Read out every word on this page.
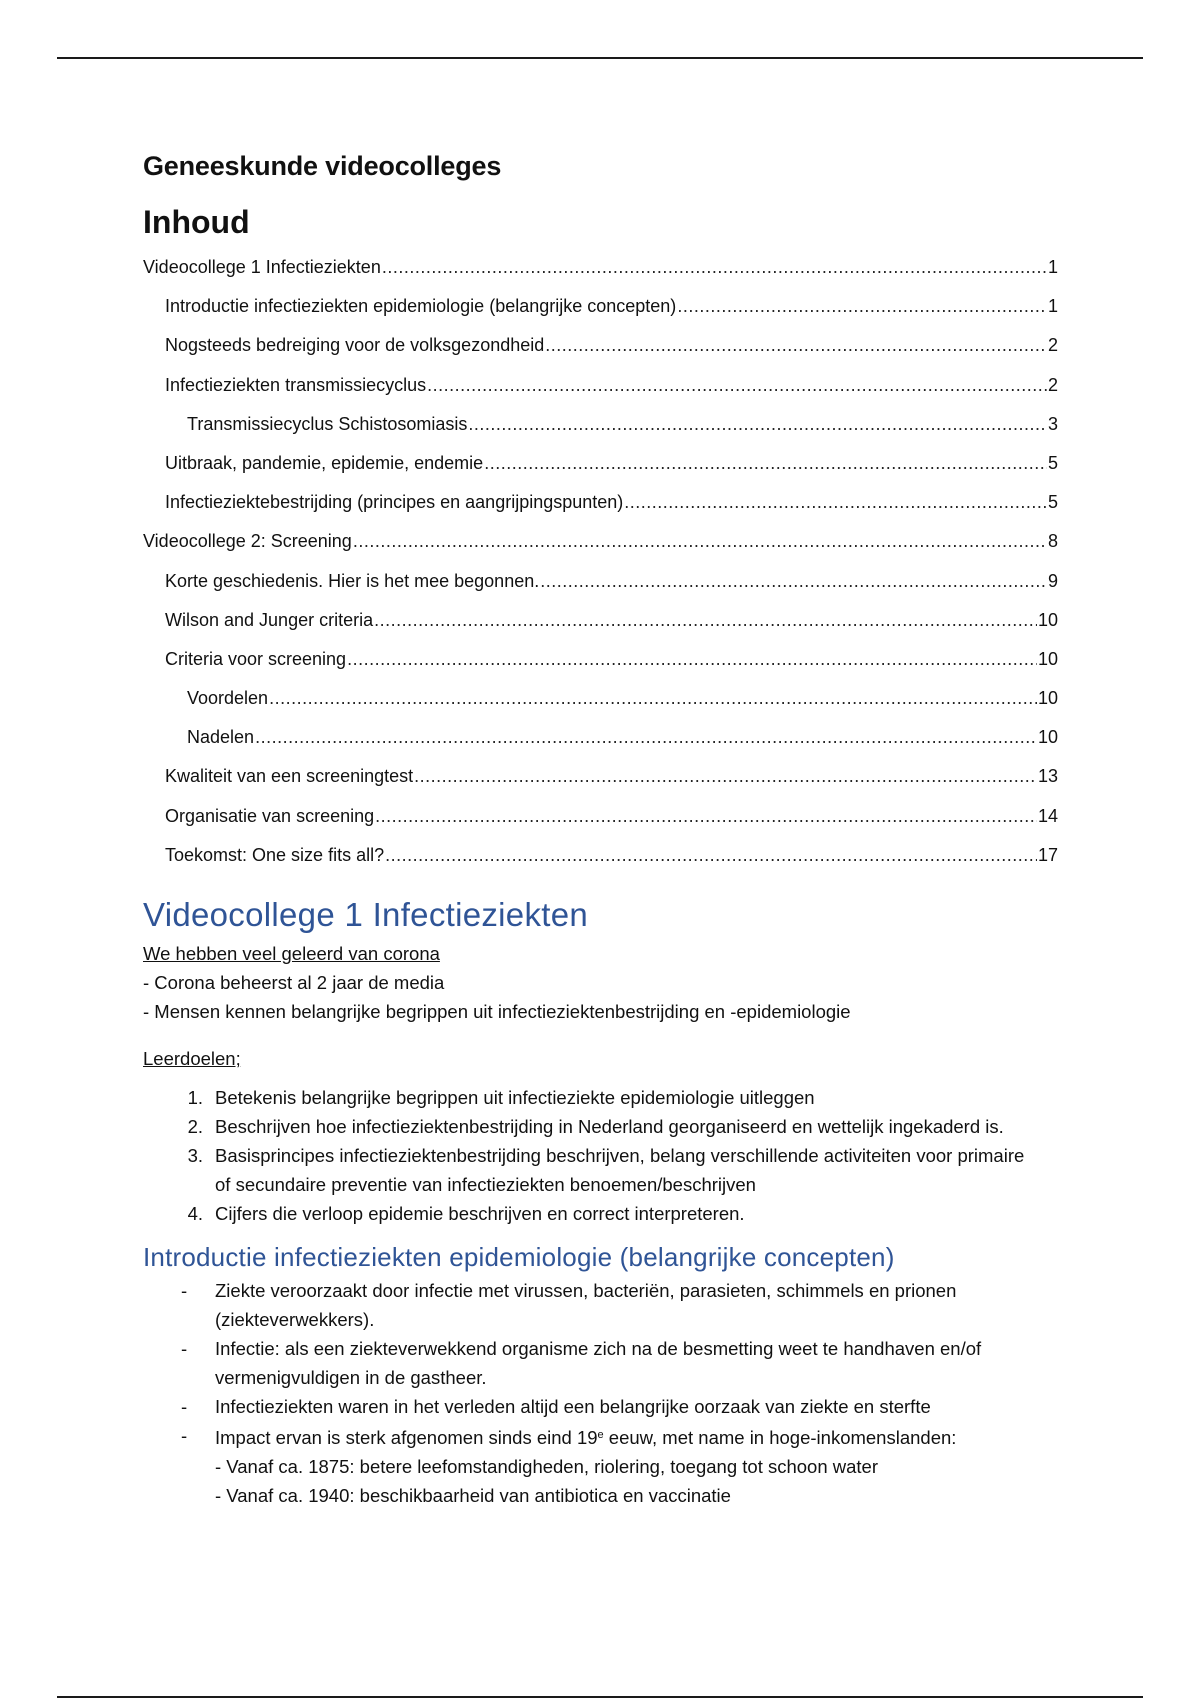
Geneeskunde videocolleges
Inhoud
Videocollege 1 Infectieziekten .....	1
Introductie infectieziekten epidemiologie (belangrijke concepten) .....	1
Nogsteeds bedreiging voor de volksgezondheid .....	2
Infectieziekten transmissiecyclus .....	2
Transmissiecyclus Schistosomiasis .....	3
Uitbraak, pandemie, epidemie, endemie .....	5
Infectieziektebestrijding (principes en aangrijpingspunten) .....	5
Videocollege 2: Screening .....	8
Korte geschiedenis. Hier is het mee begonnen. .....	9
Wilson and Junger criteria .....	10
Criteria voor screening .....	10
Voordelen .....	10
Nadelen .....	10
Kwaliteit van een screeningtest .....	13
Organisatie van screening .....	14
Toekomst: One size fits all? .....	17
Videocollege 1 Infectieziekten

We hebben veel geleerd van corona

- Corona beheerst al 2 jaar de media

- Mensen kennen belangrijke begrippen uit infectieziektenbestrijding en -epidemiologie

Leerdoelen;

1. Betekenis belangrijke begrippen uit infectieziekte epidemiologie uitleggen
2. Beschrijven hoe infectieziektenbestrijding in Nederland georganiseerd en wettelijk ingekaderd is.
3. Basisprincipes infectieziektenbestrijding beschrijven, belang verschillende activiteiten voor primaire of secundaire preventie van infectieziekten benoemen/beschrijven
4. Cijfers die verloop epidemie beschrijven en correct interpreteren.
Introductie infectieziekten epidemiologie (belangrijke concepten)
-	Ziekte veroorzaakt door infectie met virussen, bacteriën, parasieten, schimmels en prionen (ziekteverwekkers).
-	Infectie: als een ziekteverwekkend organisme zich na de besmetting weet te handhaven en/of vermenigvuldigen in de gastheer.
-	Infectieziekten waren in het verleden altijd een belangrijke oorzaak van ziekte en sterfte
-	Impact ervan is sterk afgenomen sinds eind 19e eeuw, met name in hoge-inkomenslanden:

- Vanaf ca. 1875: betere leefomstandigheden, riolering, toegang tot schoon water

- Vanaf ca. 1940: beschikbaarheid van antibiotica en vaccinatie
